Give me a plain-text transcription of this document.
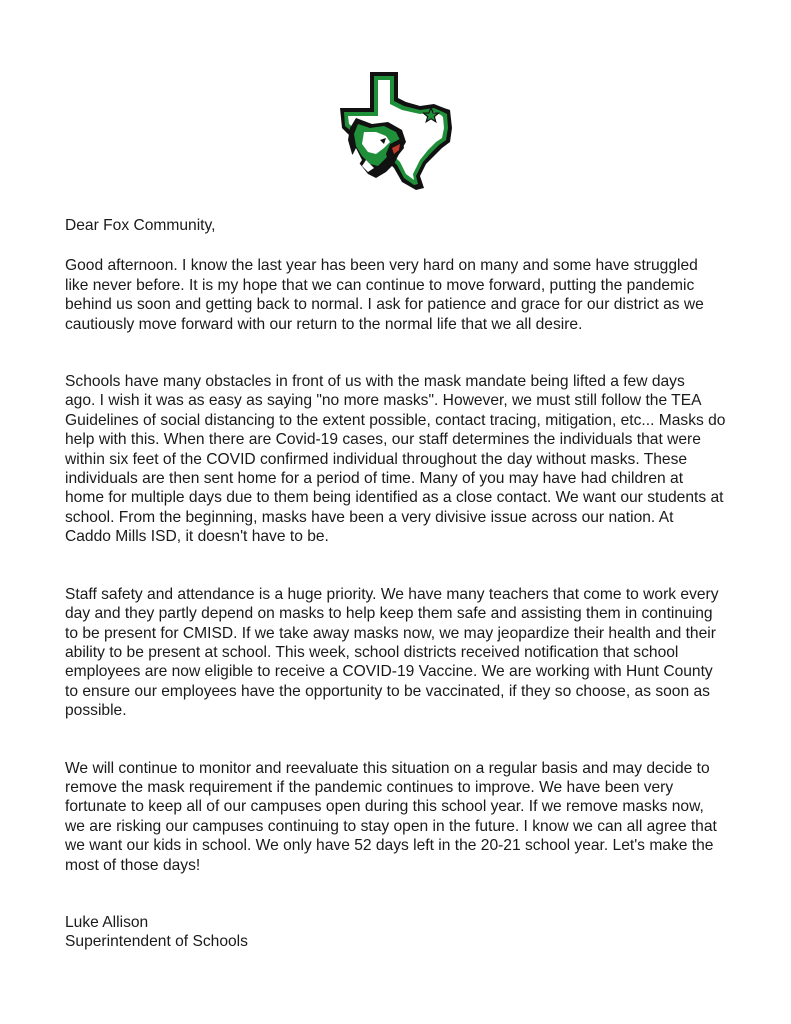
Dear Fox Community,
Good afternoon. I know the last year has been very hard on many and some have struggled
like never before. It is my hope that we can continue to move forward, putting the pandemic
behind us soon and getting back to normal. I ask for patience and grace for our district as we
cautiously move forward with our return to the normal life that we all desire.
Schools have many obstacles in front of us with the mask mandate being lifted a few days
ago. I wish it was as easy as saying "no more masks". However, we must still follow the TEA
Guidelines of social distancing to the extent possible, contact tracing, mitigation, etc... Masks do
help with this. When there are Covid-19 cases, our staff determines the individuals that were
within six feet of the COVID confirmed individual throughout the day without masks. These
individuals are then sent home for a period of time. Many of you may have had children at
home for multiple days due to them being identified as a close contact. We want our students at
school. From the beginning, masks have been a very divisive issue across our nation. At
Caddo Mills ISD, it doesn't have to be.
Staff safety and attendance is a huge priority. We have many teachers that come to work every
day and they partly depend on masks to help keep them safe and assisting them in continuing
to be present for CMISD. If we take away masks now, we may jeopardize their health and their
ability to be present at school. This week, school districts received notification that school
employees are now eligible to receive a COVID-19 Vaccine. We are working with Hunt County
to ensure our employees have the opportunity to be vaccinated, if they so choose, as soon as
possible.
We will continue to monitor and reevaluate this situation on a regular basis and may decide to
remove the mask requirement if the pandemic continues to improve. We have been very
fortunate to keep all of our campuses open during this school year. If we remove masks now,
we are risking our campuses continuing to stay open in the future. I know we can all agree that
we want our kids in school. We only have 52 days left in the 20-21 school year. Let's make the
most of those days!
Luke Allison
Superintendent of Schools
